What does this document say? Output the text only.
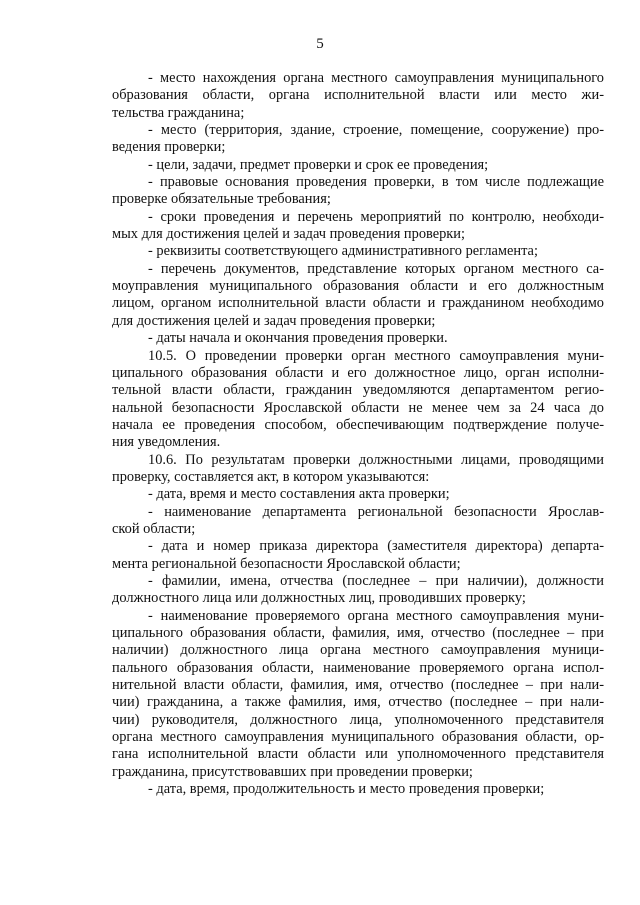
5
- место нахождения органа местного самоуправления муниципального
образования области, органа исполнительной власти или место жи-
тельства гражданина;
- место (территория, здание, строение, помещение, сооружение) про-
ведения проверки;
- цели, задачи, предмет проверки и срок ее проведения;
- правовые основания проведения проверки, в том числе подлежащие
проверке обязательные требования;
- сроки проведения и перечень мероприятий по контролю, необходи-
мых для достижения целей и задач проведения проверки;
- реквизиты соответствующего административного регламента;
- перечень документов, представление которых органом местного са-
моуправления муниципального образования области и его должностным
лицом, органом исполнительной власти области и гражданином необходимо
для достижения целей и задач проведения проверки;
- даты начала и окончания проведения проверки.
10.5. О проведении проверки орган местного самоуправления муни-
ципального образования области и его должностное лицо, орган исполни-
тельной власти области, гражданин уведомляются департаментом регио-
нальной безопасности Ярославской области не менее чем за 24 часа до
начала ее проведения способом, обеспечивающим подтверждение получе-
ния уведомления.
10.6. По результатам проверки должностными лицами, проводящими
проверку, составляется акт, в котором указываются:
- дата, время и место составления акта проверки;
- наименование департамента региональной безопасности Ярослав-
ской области;
- дата и номер приказа директора (заместителя директора) департа-
мента региональной безопасности Ярославской области;
- фамилии, имена, отчества (последнее – при наличии), должности
должностного лица или должностных лиц, проводивших проверку;
- наименование проверяемого органа местного самоуправления муни-
ципального образования области, фамилия, имя, отчество (последнее – при
наличии) должностного лица органа местного самоуправления муници-
пального образования области, наименование проверяемого органа испол-
нительной власти области, фамилия, имя, отчество (последнее – при нали-
чии) гражданина, а также фамилия, имя, отчество (последнее – при нали-
чии) руководителя, должностного лица, уполномоченного представителя
органа местного самоуправления муниципального образования области, ор-
гана исполнительной власти области или уполномоченного представителя
гражданина, присутствовавших при проведении проверки;
- дата, время, продолжительность и место проведения проверки;
